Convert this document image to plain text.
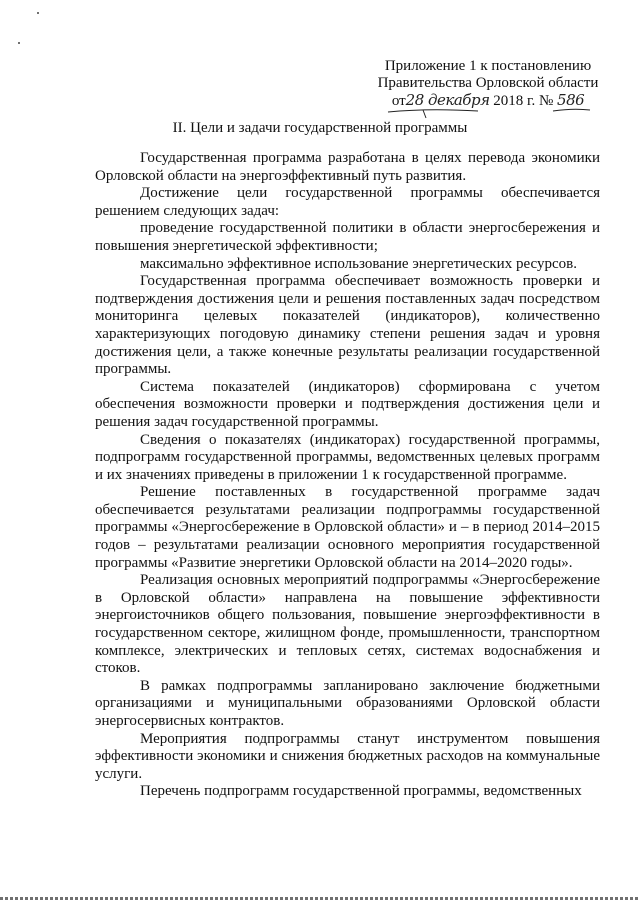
Приложение 1 к постановлению
Правительства Орловской области
от28 декабря 2018 г. № 586
II. Цели и задачи государственной программы

Государственная программа разработана в целях перевода экономики Орловской области на энергоэффективный путь развития.

Достижение цели государственной программы обеспечивается решением следующих задач:

проведение государственной политики в области энергосбережения и повышения энергетической эффективности;

максимально эффективное использование энергетических ресурсов.

Государственная программа обеспечивает возможность проверки и подтверждения достижения цели и решения поставленных задач посредством мониторинга целевых показателей (индикаторов), количественно характеризующих погодовую динамику степени решения задач и уровня достижения цели, а также конечные результаты реализации государственной программы.

Система показателей (индикаторов) сформирована с учетом обеспечения возможности проверки и подтверждения достижения цели и решения задач государственной программы.

Сведения о показателях (индикаторах) государственной программы, подпрограмм государственной программы, ведомственных целевых программ и их значениях приведены в приложении 1 к государственной программе.

Решение поставленных в государственной программе задач обеспечивается результатами реализации подпрограммы государственной программы «Энергосбережение в Орловской области» и – в период 2014–2015 годов – результатами реализации основного мероприятия государственной программы «Развитие энергетики Орловской области на 2014–2020 годы».

Реализация основных мероприятий подпрограммы «Энергосбережение в Орловской области» направлена на повышение эффективности энергоисточников общего пользования, повышение энергоэффективности в государственном секторе, жилищном фонде, промышленности, транспортном комплексе, электрических и тепловых сетях, системах водоснабжения и стоков.

В рамках подпрограммы запланировано заключение бюджетными организациями и муниципальными образованиями Орловской области энергосервисных контрактов.

Мероприятия подпрограммы станут инструментом повышения эффективности экономики и снижения бюджетных расходов на коммунальные услуги.

Перечень подпрограмм государственной программы, ведомственных
